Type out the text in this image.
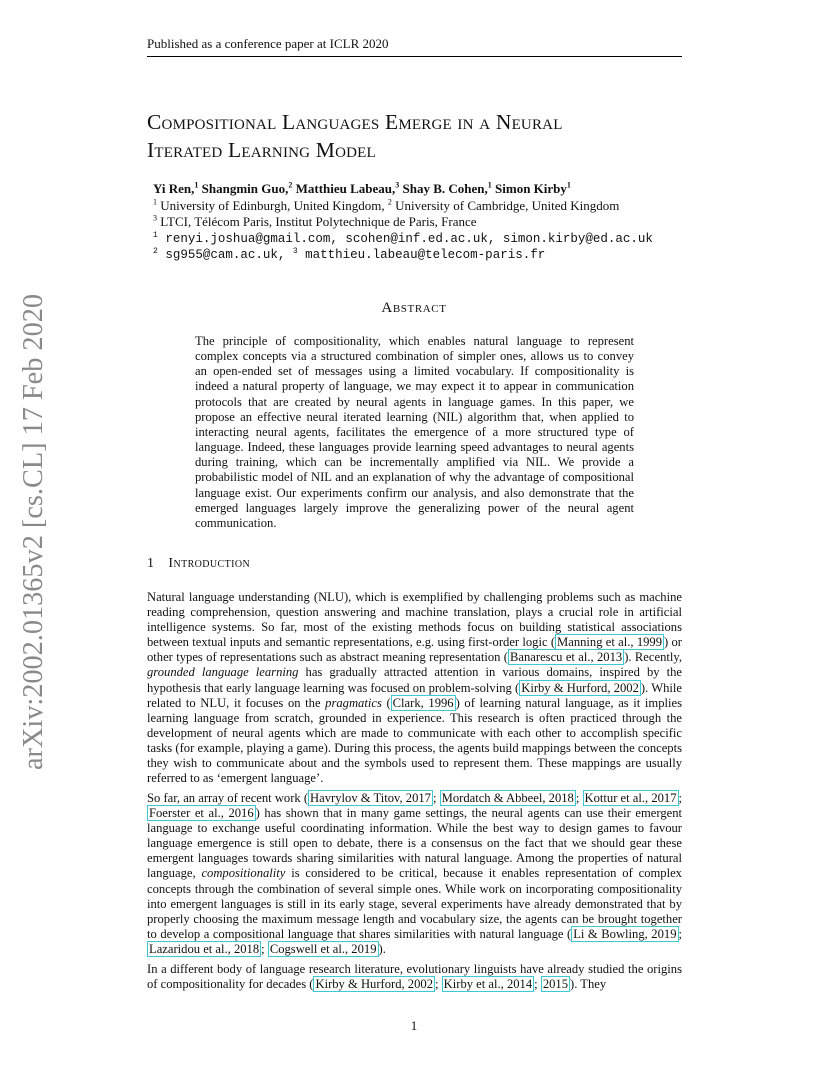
Published as a conference paper at ICLR 2020
Compositional Languages Emerge in a Neural
Iterated Learning Model
Yi Ren,$^1$ Shangmin Guo,$^2$ Matthieu Labeau,$^3$ Shay B. Cohen,$^1$ Simon Kirby$^1$
$^1$ University of Edinburgh, United Kingdom, $^2$ University of Cambridge, United Kingdom
$^3$ LTCI, Télécom Paris, Institut Polytechnique de Paris, France
$^1$ renyi.joshua@gmail.com, scohen@inf.ed.ac.uk, simon.kirby@ed.ac.uk
$^2$ sg955@cam.ac.uk, $^3$ matthieu.labeau@telecom-paris.fr
arXiv:2002.01365v2 [cs.CL] 17 Feb 2020	Abstract

The principle of compositionality, which enables natural language to represent complex concepts via a structured combination of simpler ones, allows us to convey an open-ended set of messages using a limited vocabulary. If compositionality is indeed a natural property of language, we may expect it to appear in communication protocols that are created by neural agents in language games. In this paper, we propose an effective neural iterated learning (NIL) algorithm that, when applied to interacting neural agents, facilitates the emergence of a more structured type of language. Indeed, these languages provide learning speed advantages to neural agents during training, which can be incrementally amplified via NIL. We provide a probabilistic model of NIL and an explanation of why the advantage of compositional language exist. Our experiments confirm our analysis, and also demonstrate that the emerged languages largely improve the generalizing power of the neural agent communication.

1 Introduction

Natural language understanding (NLU), which is exemplified by challenging problems such as machine reading comprehension, question answering and machine translation, plays a crucial role in artificial intelligence systems. So far, most of the existing methods focus on building statistical associations between textual inputs and semantic representations, e.g. using first-order logic ( Manning et al., 1999 ) or other types of representations such as abstract meaning representation ( Banarescu et al., 2013 ). Recently, grounded language learning has gradually attracted attention in various domains, inspired by the hypothesis that early language learning was focused on problem-solving ( Kirby & Hurford, 2002 ). While related to NLU, it focuses on the pragmatics ( Clark, 1996 ) of learning natural language, as it implies learning language from scratch, grounded in experience. This research is often practiced through the development of neural agents which are made to communicate with each other to accomplish specific tasks (for example, playing a game). During this process, the agents build mappings between the concepts they wish to communicate about and the symbols used to represent them. These mappings are usually referred to as ‘emergent language’.

So far, an array of recent work ( Havrylov & Titov, 2017 ; Mordatch & Abbeel, 2018 ; Kottur et al., 2017 ; Foerster et al., 2016 ) has shown that in many game settings, the neural agents can use their emergent language to exchange useful coordinating information. While the best way to design games to favour language emergence is still open to debate, there is a consensus on the fact that we should gear these emergent languages towards sharing similarities with natural language. Among the properties of natural language, compositionality is considered to be critical, because it enables representation of complex concepts through the combination of several simple ones. While work on incorporating compositionality into emergent languages is still in its early stage, several experiments have already demonstrated that by properly choosing the maximum message length and vocabulary size, the agents can be brought together to develop a compositional language that shares similarities with natural language ( Li & Bowling, 2019 ; Lazaridou et al., 2018 ; Cogswell et al., 2019 ).

In a different body of language research literature, evolutionary linguists have already studied the origins of compositionality for decades ( Kirby & Hurford, 2002 ; Kirby et al., 2014 ; 2015 ). They

1
